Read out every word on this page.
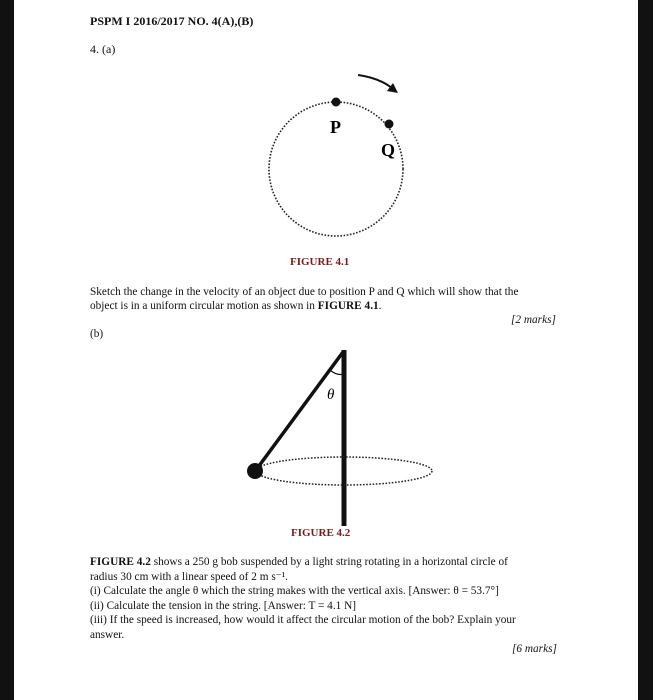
PSPM I 2016/2017 NO. 4(A),(B)
4. (a)
P
Q
FIGURE 4.1
Sketch the change in the velocity of an object due to position P and Q which will show that the
object is in a uniform circular motion as shown in FIGURE 4.1.
[2 marks]
(b)
θ
FIGURE 4.2

FIGURE 4.2 shows a 250 g bob suspended by a light string rotating in a horizontal circle of

radius 30 cm with a linear speed of 2 m s⁻¹.

(i) Calculate the angle θ which the string makes with the vertical axis. [Answer: θ = 53.7°]

(ii) Calculate the tension in the string. [Answer: T = 4.1 N]

(iii) If the speed is increased, how would it affect the circular motion of the bob? Explain your

answer.

[6 marks]
